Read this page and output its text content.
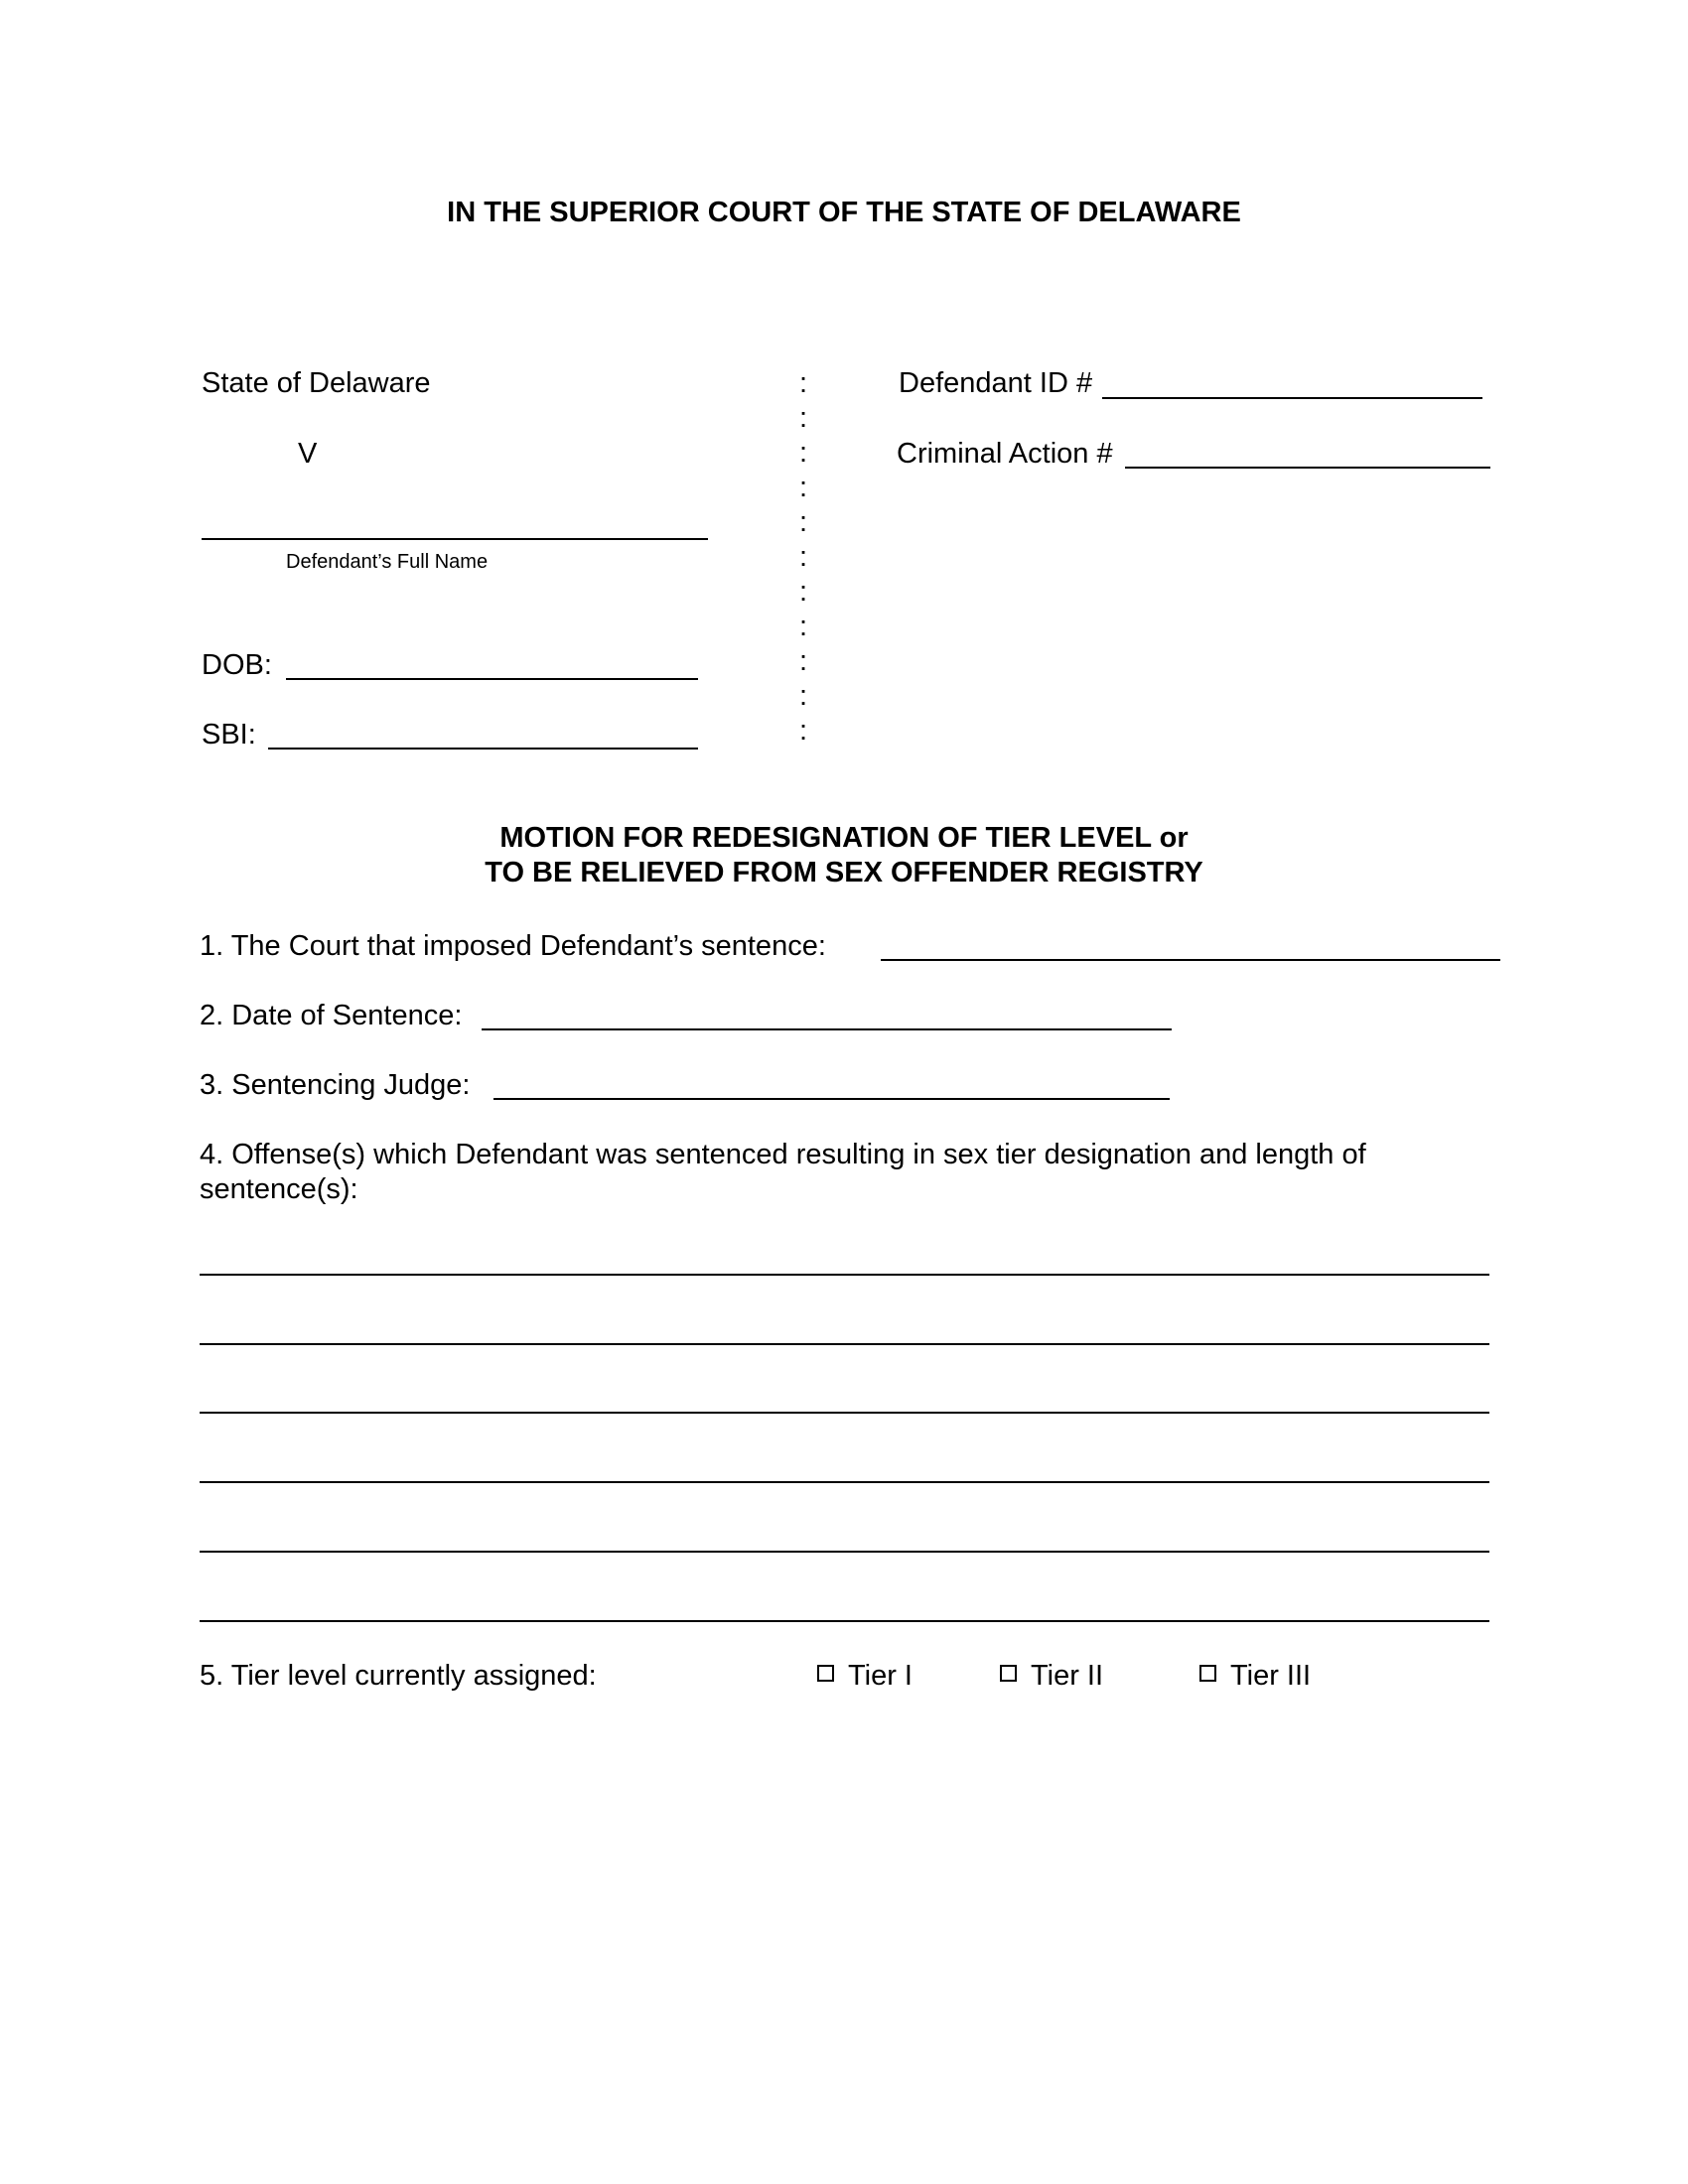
IN THE SUPERIOR COURT OF THE STATE OF DELAWARE
State of Delaware
V
Defendant’s Full Name
DOB:
SBI:
:
:
:
:
:
:
:
:
:
:
:
Defendant ID #
Criminal Action #
MOTION FOR REDESIGNATION OF TIER LEVEL or
TO BE RELIEVED FROM SEX OFFENDER REGISTRY
1. The Court that imposed Defendant’s sentence:
2. Date of Sentence:
3. Sentencing Judge:
4. Offense(s) which Defendant was sentenced resulting in sex tier designation and length of
sentence(s):
5. Tier level currently assigned:	Tier I	Tier II	Tier III
